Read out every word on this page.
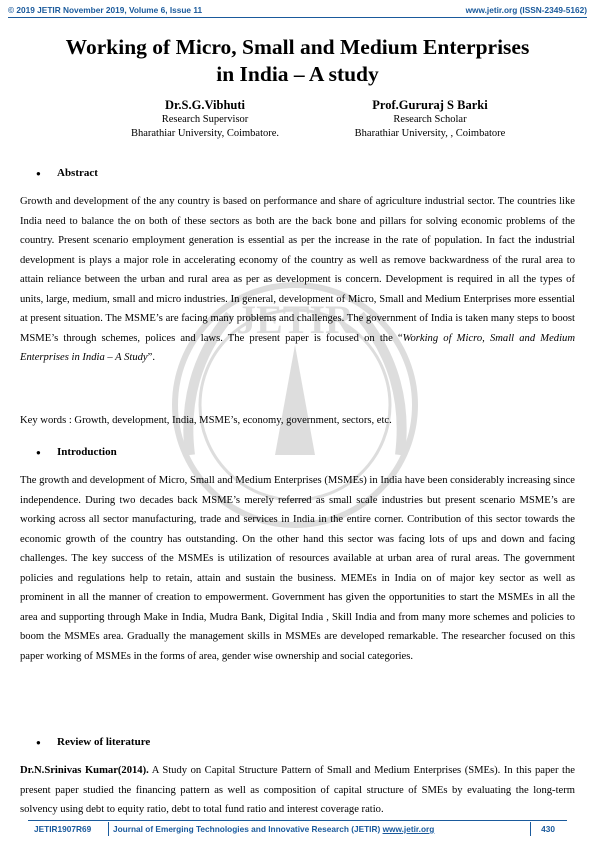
© 2019 JETIR November 2019, Volume 6, Issue 11	www.jetir.org (ISSN-2349-5162)
JETIR
Working of Micro, Small and Medium Enterprises
in India – A study
Dr.S.G.Vibhuti
Research Supervisor
Bharathiar University, Coimbatore.
Prof.Gururaj S Barki
Research Scholar
Bharathiar University, , Coimbatore
● Abstract

Growth and development of the any country is based on performance and share of agriculture industrial sector. The countries like India need to balance the on both of these sectors as both are the back bone and pillars for solving economic problems of the country. Present scenario employment generation is essential as per the increase in the rate of population. In fact the industrial development is plays a major role in accelerating economy of the country as well as remove backwardness of the rural area to attain reliance between the urban and rural area as per as development is concern. Development is required in all the types of units, large, medium, small and micro industries. In general, development of Micro, Small and Medium Enterprises more essential at present situation. The MSME’s are facing many problems and challenges. The government of India is taken many steps to boost MSME’s through schemes, polices and laws. The present paper is focused on the “Working of Micro, Small and Medium Enterprises in India – A Study”.

Key words : Growth, development, India, MSME’s, economy, government, sectors, etc.

● Introduction

The growth and development of Micro, Small and Medium Enterprises (MSMEs) in India have been considerably increasing since independence. During two decades back MSME’s merely referred as small scale industries but present scenario MSME’s are working across all sector manufacturing, trade and services in India in the entire corner. Contribution of this sector towards the economic growth of the country has outstanding. On the other hand this sector was facing lots of ups and down and facing challenges. The key success of the MSMEs is utilization of resources available at urban area of rural areas. The government policies and regulations help to retain, attain and sustain the business. MEMEs in India on of major key sector as well as prominent in all the manner of creation to empowerment. Government has given the opportunities to start the MSMEs in all the area and supporting through Make in India, Mudra Bank, Digital India , Skill India and from many more schemes and policies to boom the MSMEs area. Gradually the management skills in MSMEs are developed remarkable. The researcher focused on this paper working of MSMEs in the forms of area, gender wise ownership and social categories.

● Review of literature

Dr.N.Srinivas Kumar(2014). A Study on Capital Structure Pattern of Small and Medium Enterprises (SMEs). In this paper the present paper studied the financing pattern as well as composition of capital structure of SMEs by evaluating the long-term solvency using debt to equity ratio, debt to total fund ratio and interest coverage ratio.

JETIR1907R69	Journal of Emerging Technologies and Innovative Research (JETIR) www.jetir.org	430
